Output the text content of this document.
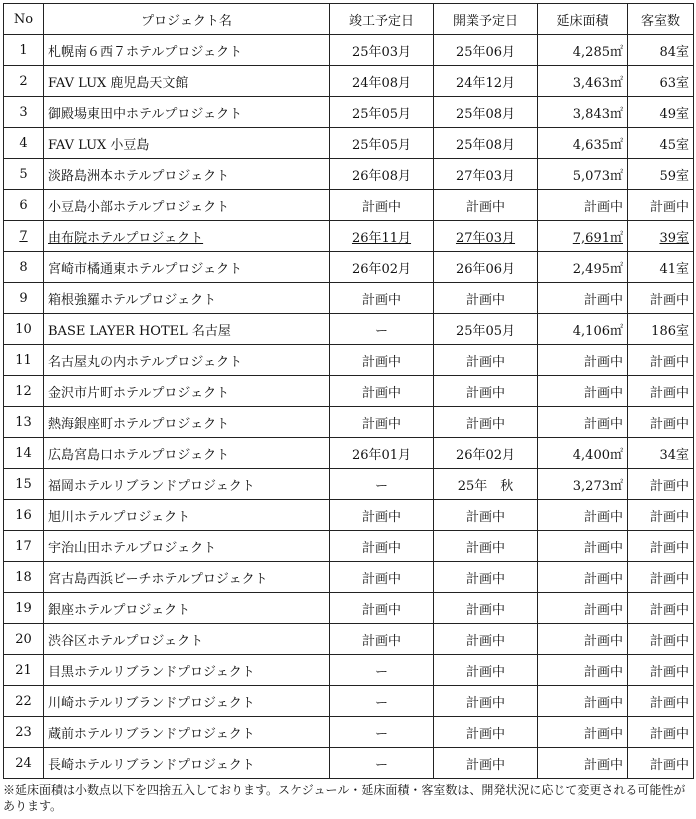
No	プロジェクト名	竣工予定日	開業予定日	延床面積	客室数
1	札幌南６西７ホテルプロジェクト	25年03月	25年06月	4,285㎡	84室
2	FAV LUX 鹿児島天文館	24年08月	24年12月	3,463㎡	63室
3	御殿場東田中ホテルプロジェクト	25年05月	25年08月	3,843㎡	49室
4	FAV LUX 小豆島	25年05月	25年08月	4,635㎡	45室
5	淡路島洲本ホテルプロジェクト	26年08月	27年03月	5,073㎡	59室
6	小豆島小部ホテルプロジェクト	計画中	計画中	計画中	計画中
7	由布院ホテルプロジェクト	26年11月	27年03月	7,691㎡	39室
8	宮崎市橘通東ホテルプロジェクト	26年02月	26年06月	2,495㎡	41室
9	箱根強羅ホテルプロジェクト	計画中	計画中	計画中	計画中
10	BASE LAYER HOTEL 名古屋	ー	25年05月	4,106㎡	186室
11	名古屋丸の内ホテルプロジェクト	計画中	計画中	計画中	計画中
12	金沢市片町ホテルプロジェクト	計画中	計画中	計画中	計画中
13	熱海銀座町ホテルプロジェクト	計画中	計画中	計画中	計画中
14	広島宮島口ホテルプロジェクト	26年01月	26年02月	4,400㎡	34室
15	福岡ホテルリブランドプロジェクト	ー	25年　秋	3,273㎡	計画中
16	旭川ホテルプロジェクト	計画中	計画中	計画中	計画中
17	宇治山田ホテルプロジェクト	計画中	計画中	計画中	計画中
18	宮古島西浜ビーチホテルプロジェクト	計画中	計画中	計画中	計画中
19	銀座ホテルプロジェクト	計画中	計画中	計画中	計画中
20	渋谷区ホテルプロジェクト	計画中	計画中	計画中	計画中
21	目黒ホテルリブランドプロジェクト	ー	計画中	計画中	計画中
22	川崎ホテルリブランドプロジェクト	ー	計画中	計画中	計画中
23	蔵前ホテルリブランドプロジェクト	ー	計画中	計画中	計画中
24	長崎ホテルリブランドプロジェクト	ー	計画中	計画中	計画中
※延床面積は小数点以下を四捨五入しております。スケジュール・延床面積・客室数は、開発状況に応じて変更される可能性があります。
